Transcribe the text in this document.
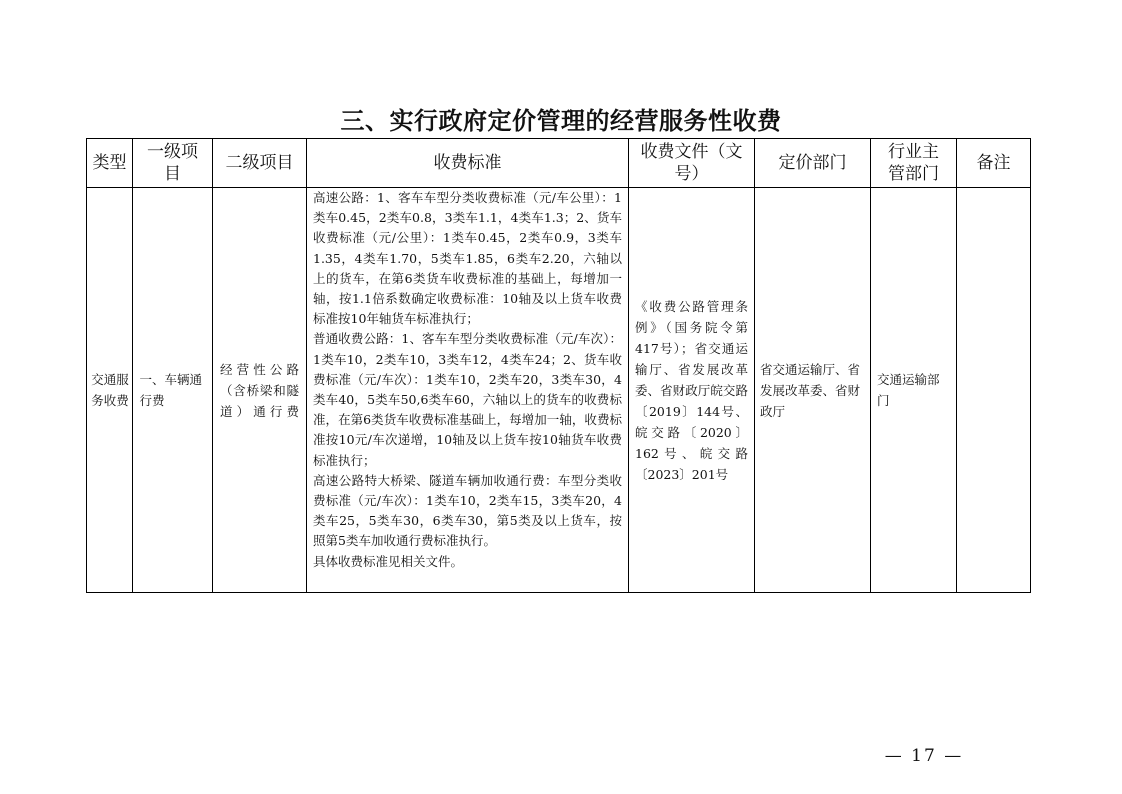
三、实行政府定价管理的经营服务性收费
类型	一级项目	二级项目	收费标准	收费文件（文号）	定价部门	行业主管部门	备注

交通服务收费	一、车辆通行费	经营性公路（含桥梁和隧道）通行费	高速公路：1、客车车型分类收费标准（元/车公里）：1类车0.45，2类车0.8，3类车1.1，4类车1.3；2、货车收费标准（元/公里）：1类车0.45，2类车0.9，3类车1.35，4类车1.70，5类车1.85，6类车2.20，六轴以上的货车，在第6类货车收费标准的基础上，每增加一轴，按1.1倍系数确定收费标准：10轴及以上货车收费标准按10年轴货车标准执行；
普通收费公路：1、客车车型分类收费标准（元/车次）：1类车10，2类车10，3类车12，4类车24；2、货车收费标准（元/车次）：1类车10，2类车20，3类车30，4类车40，5类车50,6类车60，六轴以上的货车的收费标准，在第6类货车收费标准基础上，每增加一轴，收费标准按10元/车次递增，10轴及以上货车按10轴货车收费标准执行；
高速公路特大桥梁、隧道车辆加收通行费：车型分类收费标准（元/车次）：1类车10，2类车15，3类车20，4类车25，5类车30，6类车30，第5类及以上货车，按照第5类车加收通行费标准执行。
具体收费标准见相关文件。	《收费公路管理条例》（国务院令第417号）；省交通运输厅、省发展改革委、省财政厅皖交路〔2019〕144号、皖交路〔2020〕162号、皖交路〔2023〕201号	省交通运输厅、省发展改革委、省财政厅	交通运输部门	
— 17 —
